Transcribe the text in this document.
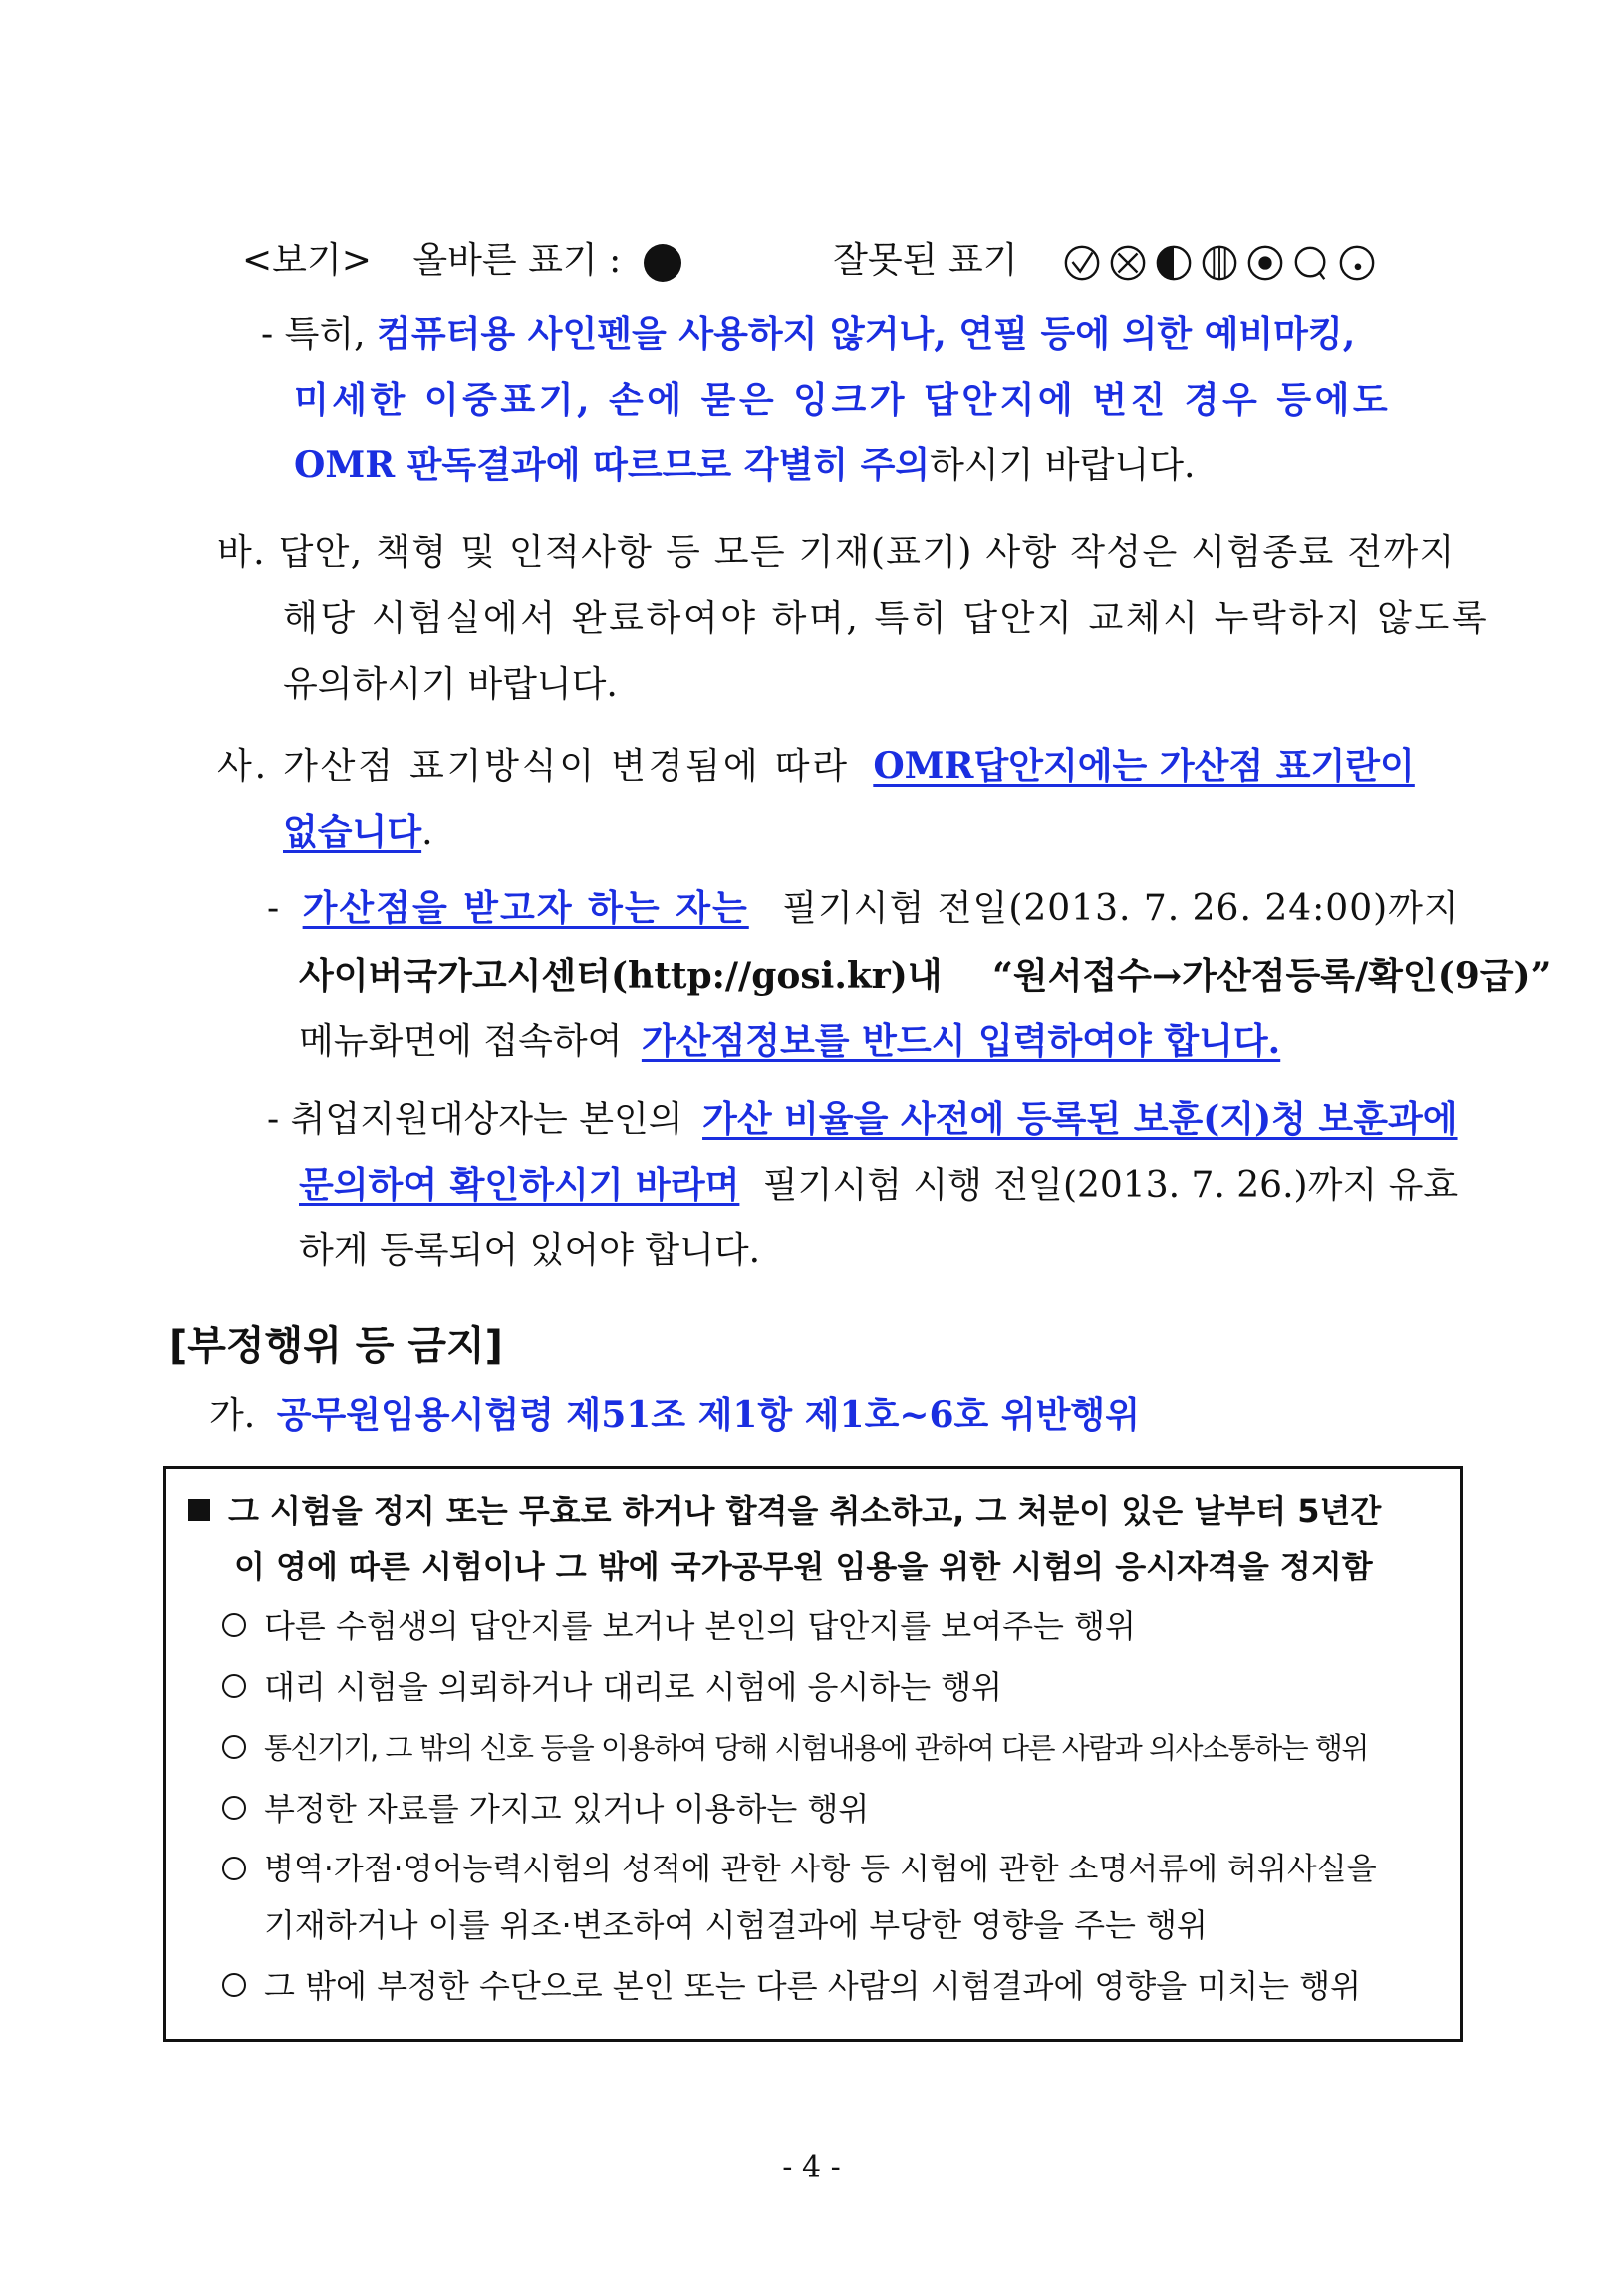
<보기> 올바른 표기 :	잘못된 표기
- 특히, 컴퓨터용 사인펜을 사용하지 않거나, 연필 등에 의한 예비마킹,
미세한 이중표기, 손에 묻은 잉크가 답안지에 번진 경우 등에도
OMR 판독결과에 따르므로 각별히 주의하시기 바랍니다.
바. 답안, 책형 및 인적사항 등 모든 기재(표기) 사항 작성은 시험종료 전까지
해당 시험실에서 완료하여야 하며, 특히 답안지 교체시 누락하지 않도록
유의하시기 바랍니다.
사. 가산점 표기방식이 변경됨에 따라 OMR답안지에는 가산점 표기란이
없습니다.
- 가산점을 받고자 하는 자는 필기시험 전일(2013. 7. 26. 24:00)까지
사이버국가고시센터(http://gosi.kr)내 “원서접수→가산점등록/확인(9급)”
메뉴화면에 접속하여 가산점정보를 반드시 입력하여야 합니다.
- 취업지원대상자는 본인의 가산 비율을 사전에 등록된 보훈(지)청 보훈과에
문의하여 확인하시기 바라며 필기시험 시행 전일(2013. 7. 26.)까지 유효
하게 등록되어 있어야 합니다.
[부정행위 등 금지]
가. 공무원임용시험령 제51조 제1항 제1호~6호 위반행위
그 시험을 정지 또는 무효로 하거나 합격을 취소하고, 그 처분이 있은 날부터 5년간
이 영에 따른 시험이나 그 밖에 국가공무원 임용을 위한 시험의 응시자격을 정지함
다른 수험생의 답안지를 보거나 본인의 답안지를 보여주는 행위
대리 시험을 의뢰하거나 대리로 시험에 응시하는 행위
통신기기, 그 밖의 신호 등을 이용하여 당해 시험내용에 관하여 다른 사람과 의사소통하는 행위
부정한 자료를 가지고 있거나 이용하는 행위
병역·가점·영어능력시험의 성적에 관한 사항 등 시험에 관한 소명서류에 허위사실을
기재하거나 이를 위조·변조하여 시험결과에 부당한 영향을 주는 행위
그 밖에 부정한 수단으로 본인 또는 다른 사람의 시험결과에 영향을 미치는 행위
- 4 -
